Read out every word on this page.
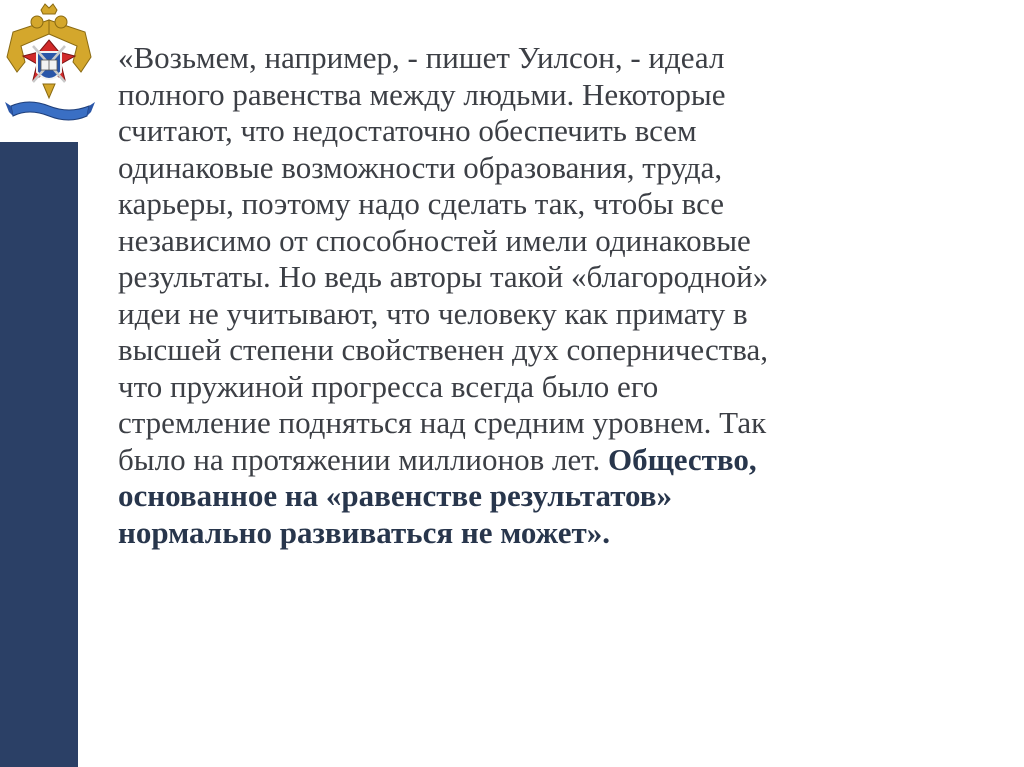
«Возьмем, например, - пишет Уилсон, - идеал
полного равенства между людьми. Некоторые
считают, что недостаточно обеспечить всем
одинаковые возможности образования, труда,
карьеры, поэтому надо сделать так, чтобы все
независимо от способностей имели одинаковые
результаты. Но ведь авторы такой «благородной»
идеи не учитывают, что человеку как примату в
высшей степени свойственен дух соперничества,
что пружиной прогресса всегда было его
стремление подняться над средним уровнем. Так
было на протяжении миллионов лет. Общество,
основанное на «равенстве результатов»
нормально развиваться не может».
